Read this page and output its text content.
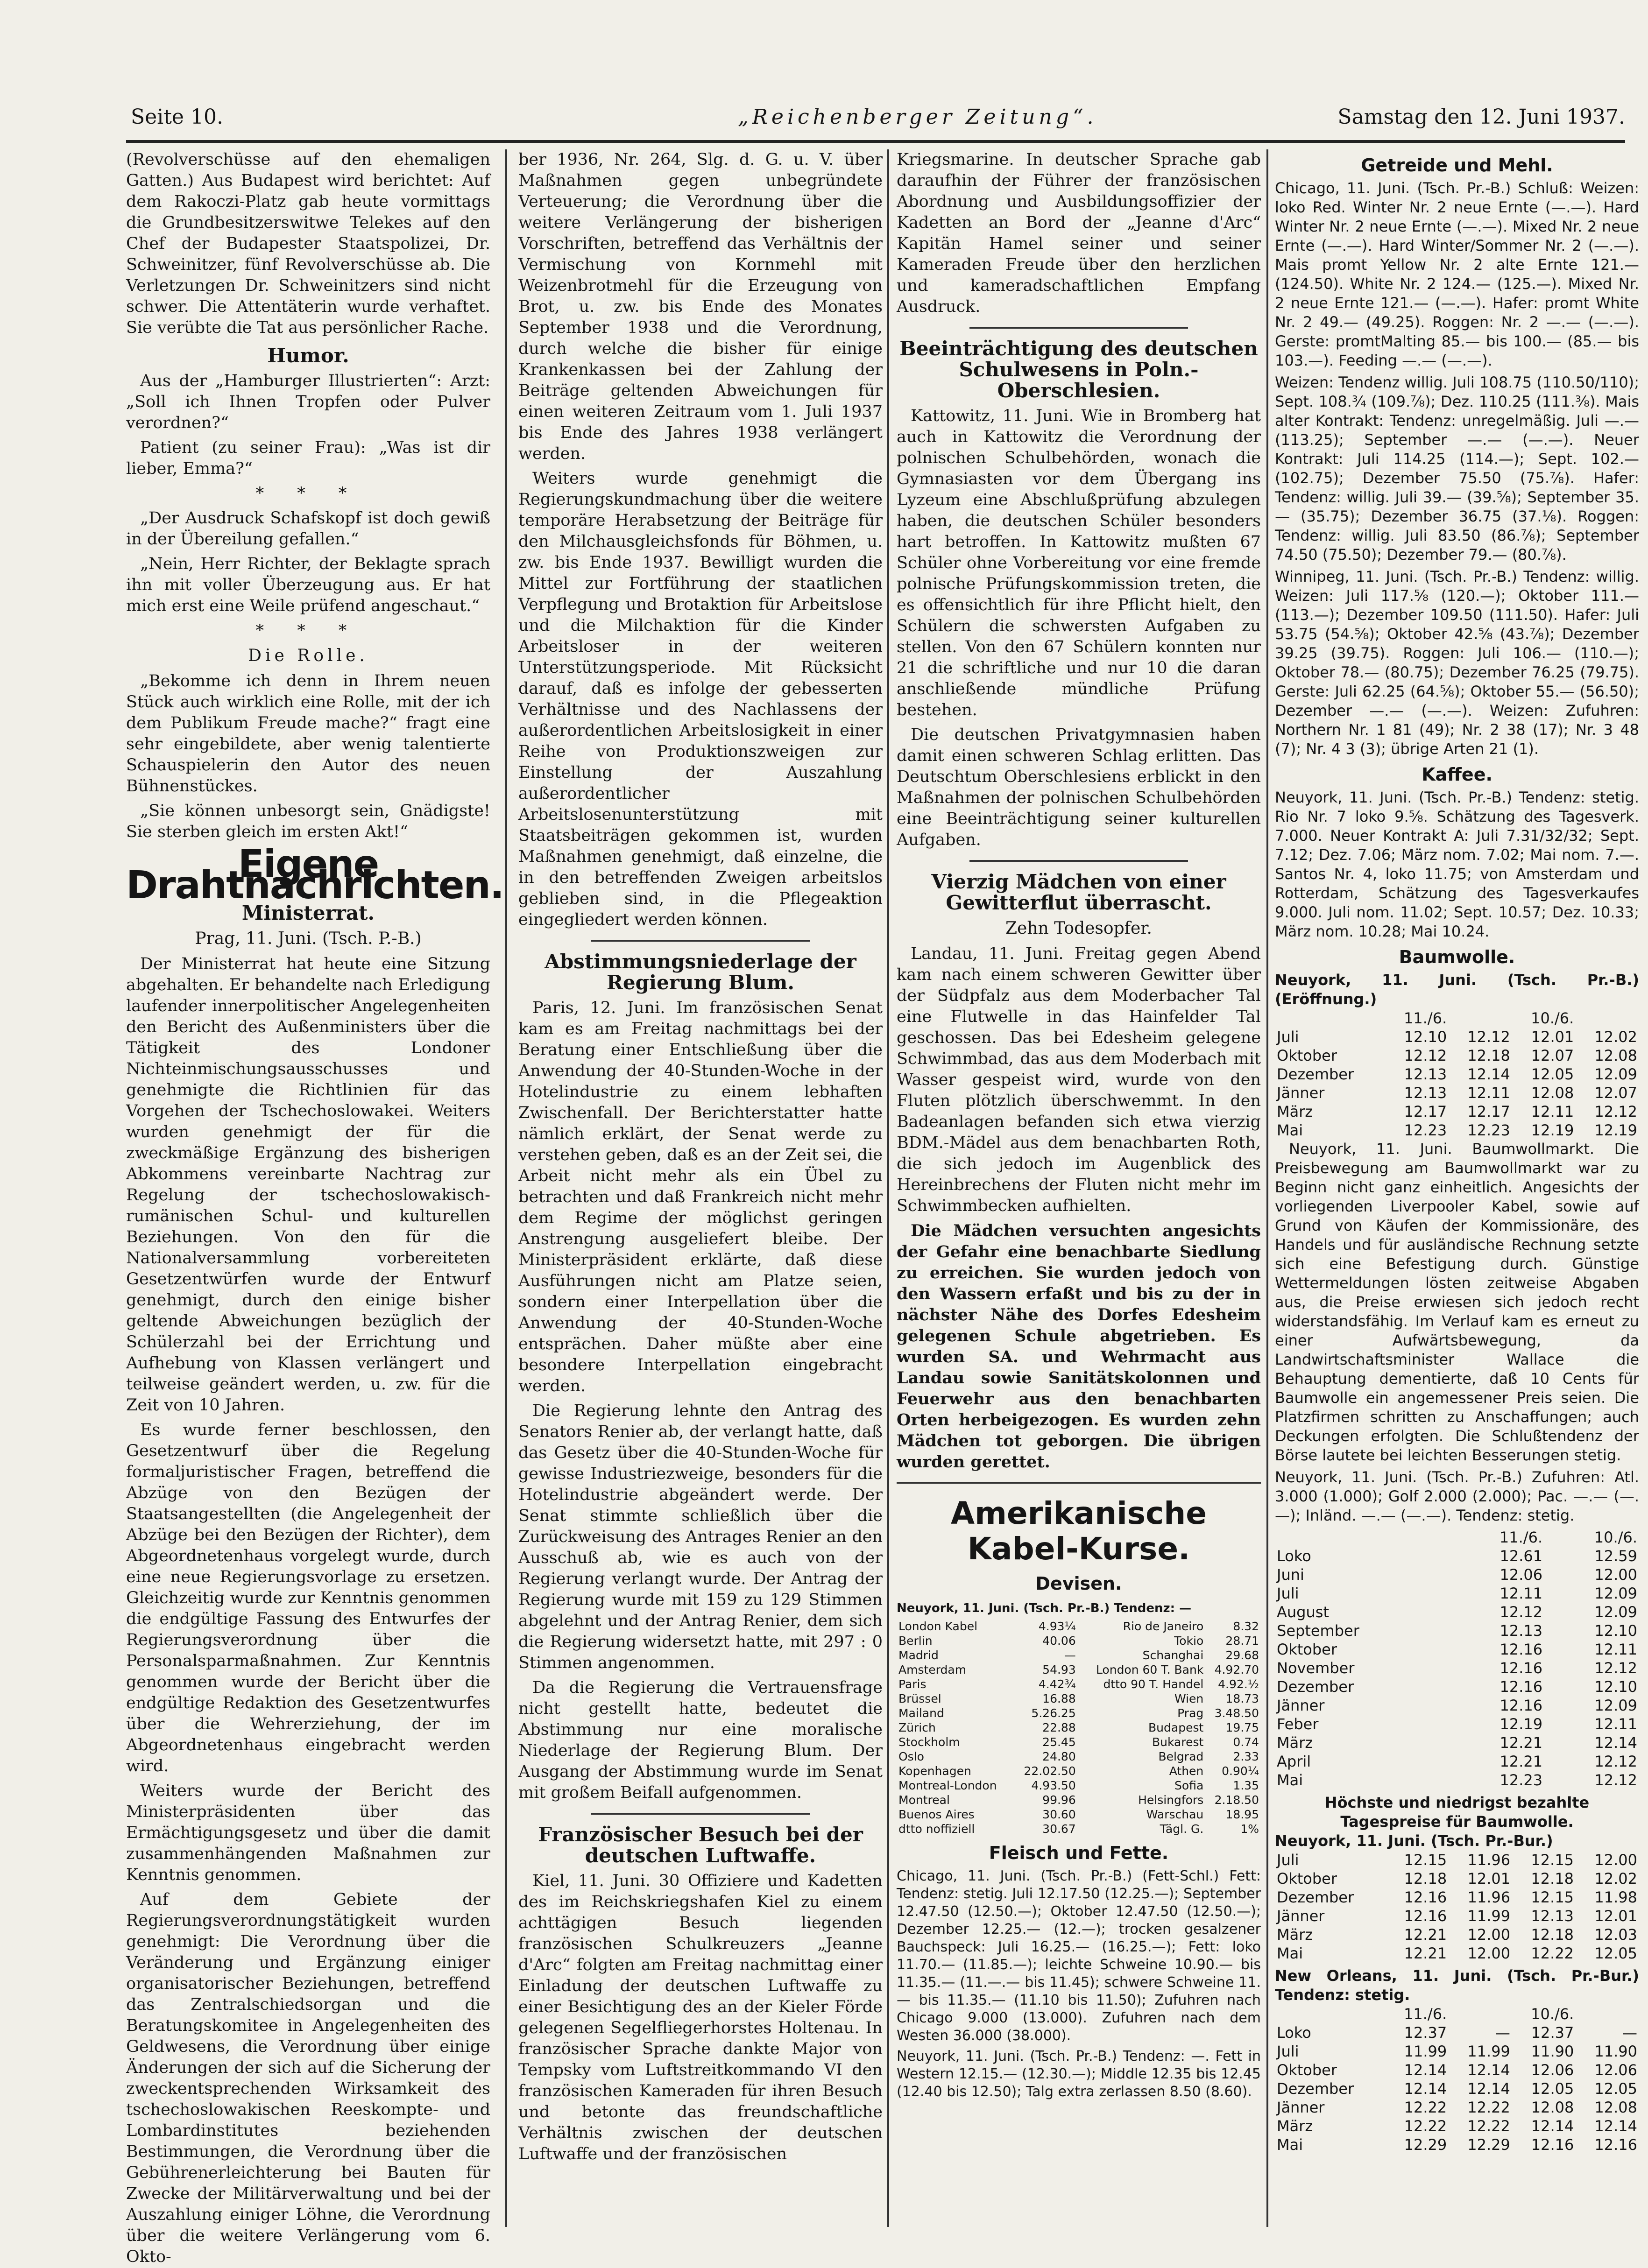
Seite 10.	„Reichenberger Zeitung“.	Samstag den 12. Juni 1937.

(Revolverschüsse auf den ehemaligen Gatten.) Aus Budapest wird berichtet: Auf dem Rakoczi-Platz gab heute vormittags die Grundbesitzerswitwe Telekes auf den Chef der Budapester Staatspolizei, Dr. Schweinitzer, fünf Revolverschüsse ab. Die Verletzungen Dr. Schweinitzers sind nicht schwer. Die Attentäterin wurde verhaftet. Sie verübte die Tat aus persönlicher Rache.

Humor.

Aus der „Hamburger Illustrierten“: Arzt: „Soll ich Ihnen Tropfen oder Pulver verordnen?“

Patient (zu seiner Frau): „Was ist dir lieber, Emma?“

* * *

„Der Ausdruck Schafskopf ist doch gewiß in der Übereilung gefallen.“

„Nein, Herr Richter, der Beklagte sprach ihn mit voller Überzeugung aus. Er hat mich erst eine Weile prüfend angeschaut.“

* * *
Die Rolle.

„Bekomme ich denn in Ihrem neuen Stück auch wirklich eine Rolle, mit der ich dem Publikum Freude mache?“ fragt eine sehr eingebildete, aber wenig talentierte Schauspielerin den Autor des neuen Bühnenstückes.

„Sie können unbesorgt sein, Gnädigste! Sie sterben gleich im ersten Akt!“

Eigene Drahtnachrichten.
Ministerrat.
Prag, 11. Juni. (Tsch. P.-B.)

Der Ministerrat hat heute eine Sitzung abgehalten. Er behandelte nach Erledigung laufender innerpolitischer Angelegenheiten den Bericht des Außenministers über die Tätigkeit des Londoner Nichteinmischungsausschusses und genehmigte die Richtlinien für das Vorgehen der Tschechoslowakei. Weiters wurden genehmigt der für die zweckmäßige Ergänzung des bisherigen Abkommens vereinbarte Nachtrag zur Regelung der tschechoslowakisch-rumänischen Schul- und kulturellen Beziehungen. Von den für die Nationalversammlung vorbereiteten Gesetzentwürfen wurde der Entwurf genehmigt, durch den einige bisher geltende Abweichungen bezüglich der Schülerzahl bei der Errichtung und Aufhebung von Klassen verlängert und teilweise geändert werden, u. zw. für die Zeit von 10 Jahren.

Es wurde ferner beschlossen, den Gesetzentwurf über die Regelung formaljuristischer Fragen, betreffend die Abzüge von den Bezügen der Staatsangestellten (die Angelegenheit der Abzüge bei den Bezügen der Richter), dem Abgeordnetenhaus vorgelegt wurde, durch eine neue Regierungsvorlage zu ersetzen. Gleichzeitig wurde zur Kenntnis genommen die endgültige Fassung des Entwurfes der Regierungsverordnung über die Personalsparmaßnahmen. Zur Kenntnis genommen wurde der Bericht über die endgültige Redaktion des Gesetzentwurfes über die Wehrerziehung, der im Abgeordnetenhaus eingebracht werden wird.

Weiters wurde der Bericht des Ministerpräsidenten über das Ermächtigungsgesetz und über die damit zusammenhängenden Maßnahmen zur Kenntnis genommen.

Auf dem Gebiete der Regierungsverordnungstätigkeit wurden genehmigt: Die Verordnung über die Veränderung und Ergänzung einiger organisatorischer Beziehungen, betreffend das Zentralschiedsorgan und die Beratungskomitee in Angelegenheiten des Geldwesens, die Verordnung über einige Änderungen der sich auf die Sicherung der zweckentsprechenden Wirksamkeit des tschechoslowakischen Reeskompte- und Lombardinstitutes beziehenden Bestimmungen, die Verordnung über die Gebührenerleichterung bei Bauten für Zwecke der Militärverwaltung und bei der Auszahlung einiger Löhne, die Verordnung über die weitere Verlängerung vom 6. Okto-

ber 1936, Nr. 264, Slg. d. G. u. V. über Maßnahmen gegen unbegründete Verteuerung; die Verordnung über die weitere Verlängerung der bisherigen Vorschriften, betreffend das Verhältnis der Vermischung von Kornmehl mit Weizenbrotmehl für die Erzeugung von Brot, u. zw. bis Ende des Monates September 1938 und die Verordnung, durch welche die bisher für einige Krankenkassen bei der Zahlung der Beiträge geltenden Abweichungen für einen weiteren Zeitraum vom 1. Juli 1937 bis Ende des Jahres 1938 verlängert werden.

Weiters wurde genehmigt die Regierungskundmachung über die weitere temporäre Herabsetzung der Beiträge für den Milchausgleichsfonds für Böhmen, u. zw. bis Ende 1937. Bewilligt wurden die Mittel zur Fortführung der staatlichen Verpflegung und Brotaktion für Arbeitslose und die Milchaktion für die Kinder Arbeitsloser in der weiteren Unterstützungsperiode. Mit Rücksicht darauf, daß es infolge der gebesserten Verhältnisse und des Nachlassens der außerordentlichen Arbeitslosigkeit in einer Reihe von Produktionszweigen zur Einstellung der Auszahlung außerordentlicher Arbeitslosenunterstützung mit Staatsbeiträgen gekommen ist, wurden Maßnahmen genehmigt, daß einzelne, die in den betreffenden Zweigen arbeitslos geblieben sind, in die Pflegeaktion eingegliedert werden können.

Abstimmungsniederlage der Regierung Blum.

Paris, 12. Juni. Im französischen Senat kam es am Freitag nachmittags bei der Beratung einer Entschließung über die Anwendung der 40-Stunden-Woche in der Hotelindustrie zu einem lebhaften Zwischenfall. Der Berichterstatter hatte nämlich erklärt, der Senat werde zu verstehen geben, daß es an der Zeit sei, die Arbeit nicht mehr als ein Übel zu betrachten und daß Frankreich nicht mehr dem Regime der möglichst geringen Anstrengung ausgeliefert bleibe. Der Ministerpräsident erklärte, daß diese Ausführungen nicht am Platze seien, sondern einer Interpellation über die Anwendung der 40-Stunden-Woche entsprächen. Daher müßte aber eine besondere Interpellation eingebracht werden.

Die Regierung lehnte den Antrag des Senators Renier ab, der verlangt hatte, daß das Gesetz über die 40-Stunden-Woche für gewisse Industriezweige, besonders für die Hotelindustrie abgeändert werde. Der Senat stimmte schließlich über die Zurückweisung des Antrages Renier an den Ausschuß ab, wie es auch von der Regierung verlangt wurde. Der Antrag der Regierung wurde mit 159 zu 129 Stimmen abgelehnt und der Antrag Renier, dem sich die Regierung widersetzt hatte, mit 297 : 0 Stimmen angenommen.

Da die Regierung die Vertrauensfrage nicht gestellt hatte, bedeutet die Abstimmung nur eine moralische Niederlage der Regierung Blum. Der Ausgang der Abstimmung wurde im Senat mit großem Beifall aufgenommen.

Französischer Besuch bei der deutschen Luftwaffe.

Kiel, 11. Juni. 30 Offiziere und Kadetten des im Reichskriegshafen Kiel zu einem achttägigen Besuch liegenden französischen Schulkreuzers „Jeanne d'Arc“ folgten am Freitag nachmittag einer Einladung der deutschen Luftwaffe zu einer Besichtigung des an der Kieler Förde gelegenen Segelfliegerhorstes Holtenau. In französischer Sprache dankte Major von Tempsky vom Luftstreitkommando VI den französischen Kameraden für ihren Besuch und betonte das freundschaftliche Verhältnis zwischen der deutschen Luftwaffe und der französischen

Kriegsmarine. In deutscher Sprache gab daraufhin der Führer der französischen Abordnung und Ausbildungsoffizier der Kadetten an Bord der „Jeanne d'Arc“ Kapitän Hamel seiner und seiner Kameraden Freude über den herzlichen und kameradschaftlichen Empfang Ausdruck.

Beeinträchtigung des deutschen Schulwesens in Poln.-Oberschlesien.

Kattowitz, 11. Juni. Wie in Bromberg hat auch in Kattowitz die Verordnung der polnischen Schulbehörden, wonach die Gymnasiasten vor dem Übergang ins Lyzeum eine Abschlußprüfung abzulegen haben, die deutschen Schüler besonders hart betroffen. In Kattowitz mußten 67 Schüler ohne Vorbereitung vor eine fremde polnische Prüfungskommission treten, die es offensichtlich für ihre Pflicht hielt, den Schülern die schwersten Aufgaben zu stellen. Von den 67 Schülern konnten nur 21 die schriftliche und nur 10 die daran anschließende mündliche Prüfung bestehen.

Die deutschen Privatgymnasien haben damit einen schweren Schlag erlitten. Das Deutschtum Oberschlesiens erblickt in den Maßnahmen der polnischen Schulbehörden eine Beeinträchtigung seiner kulturellen Aufgaben.

Vierzig Mädchen von einer Gewitterflut überrascht.
Zehn Todesopfer.

Landau, 11. Juni. Freitag gegen Abend kam nach einem schweren Gewitter über der Südpfalz aus dem Moderbacher Tal eine Flutwelle in das Hainfelder Tal geschossen. Das bei Edesheim gelegene Schwimmbad, das aus dem Moderbach mit Wasser gespeist wird, wurde von den Fluten plötzlich überschwemmt. In den Badeanlagen befanden sich etwa vierzig BDM.-Mädel aus dem benachbarten Roth, die sich jedoch im Augenblick des Hereinbrechens der Fluten nicht mehr im Schwimmbecken aufhielten.

Die Mädchen versuchten angesichts der Gefahr eine benachbarte Siedlung zu erreichen. Sie wurden jedoch von den Wassern erfaßt und bis zu der in nächster Nähe des Dorfes Edesheim gelegenen Schule abgetrieben. Es wurden SA. und Wehrmacht aus Landau sowie Sanitätskolonnen und Feuerwehr aus den benachbarten Orten herbeigezogen. Es wurden zehn Mädchen tot geborgen. Die übrigen wurden gerettet.

Amerikanische Kabel-Kurse.
Devisen.
Neuyork, 11. Juni. (Tsch. Pr.-B.) Tendenz: —
London Kabel	4.93¼	Rio de Janeiro	8.32
Berlin	40.06	Tokio	28.71
Madrid	—	Schanghai	29.68
Amsterdam	54.93	London 60 T. Bank	4.92.70
Paris	4.42¾	dtto 90 T. Handel	4.92.½
Brüssel	16.88	Wien	18.73
Mailand	5.26.25	Prag	3.48.50
Zürich	22.88	Budapest	19.75
Stockholm	25.45	Bukarest	0.74
Oslo	24.80	Belgrad	2.33
Kopenhagen	22.02.50	Athen	0.90¼
Montreal-London	4.93.50	Sofia	1.35
Montreal	99.96	Helsingfors	2.18.50
Buenos Aires	30.60	Warschau	18.95
dtto noffiziell	30.67	Tägl. G.	1%
Fleisch und Fette.

Chicago, 11. Juni. (Tsch. Pr.-B.) (Fett-Schl.) Fett: Tendenz: stetig. Juli 12.17.50 (12.25.—); September 12.47.50 (12.50.—); Oktober 12.47.50 (12.50.—); Dezember 12.25.— (12.—); trocken gesalzener Bauchspeck: Juli 16.25.— (16.25.—); Fett: loko 11.70.— (11.85.—); leichte Schweine 10.90.— bis 11.35.— (11.—.— bis 11.45); schwere Schweine 11.— bis 11.35.— (11.10 bis 11.50); Zufuhren nach Chicago 9.000 (13.000). Zufuhren nach dem Westen 36.000 (38.000).

Neuyork, 11. Juni. (Tsch. Pr.-B.) Tendenz: —. Fett in Western 12.15.— (12.30.—); Middle 12.35 bis 12.45 (12.40 bis 12.50); Talg extra zerlassen 8.50 (8.60).

Getreide und Mehl.

Chicago, 11. Juni. (Tsch. Pr.-B.) Schluß: Weizen: loko Red. Winter Nr. 2 neue Ernte (—.—). Hard Winter Nr. 2 neue Ernte (—.—). Mixed Nr. 2 neue Ernte (—.—). Hard Winter/Sommer Nr. 2 (—.—). Mais promt Yellow Nr. 2 alte Ernte 121.— (124.50). White Nr. 2 124.— (125.—). Mixed Nr. 2 neue Ernte 121.— (—.—). Hafer: promt White Nr. 2 49.— (49.25). Roggen: Nr. 2 —.— (—.—). Gerste: promtMalting 85.— bis 100.— (85.— bis 103.—). Feeding —.— (—.—).

Weizen: Tendenz willig. Juli 108.75 (110.50/110); Sept. 108.¾ (109.⅞); Dez. 110.25 (111.⅜). Mais alter Kontrakt: Tendenz: unregelmäßig. Juli —.— (113.25); September —.— (—.—). Neuer Kontrakt: Juli 114.25 (114.—); Sept. 102.— (102.75); Dezember 75.50 (75.⅞). Hafer: Tendenz: willig. Juli 39.— (39.⅝); September 35.— (35.75); Dezember 36.75 (37.⅛). Roggen: Tendenz: willig. Juli 83.50 (86.⅞); September 74.50 (75.50); Dezember 79.— (80.⅞).

Winnipeg, 11. Juni. (Tsch. Pr.-B.) Tendenz: willig. Weizen: Juli 117.⅝ (120.—); Oktober 111.— (113.—); Dezember 109.50 (111.50). Hafer: Juli 53.75 (54.⅝); Oktober 42.⅝ (43.⅞); Dezember 39.25 (39.75). Roggen: Juli 106.— (110.—); Oktober 78.— (80.75); Dezember 76.25 (79.75). Gerste: Juli 62.25 (64.⅝); Oktober 55.— (56.50); Dezember —.— (—.—). Weizen: Zufuhren: Northern Nr. 1 81 (49); Nr. 2 38 (17); Nr. 3 48 (7); Nr. 4 3 (3); übrige Arten 21 (1).

Kaffee.

Neuyork, 11. Juni. (Tsch. Pr.-B.) Tendenz: stetig. Rio Nr. 7 loko 9.⅝. Schätzung des Tagesverk. 7.000. Neuer Kontrakt A: Juli 7.31/32/32; Sept. 7.12; Dez. 7.06; März nom. 7.02; Mai nom. 7.—. Santos Nr. 4, loko 11.75; von Amsterdam und Rotterdam, Schätzung des Tagesverkaufes 9.000. Juli nom. 11.02; Sept. 10.57; Dez. 10.33; März nom. 10.28; Mai 10.24.

Baumwolle.
Neuyork, 11. Juni. (Tsch. Pr.-B.) (Eröffnung.)
	11./6.		10./6.	
Juli	12.10	12.12	12.01	12.02
Oktober	12.12	12.18	12.07	12.08
Dezember	12.13	12.14	12.05	12.09
Jänner	12.13	12.11	12.08	12.07
März	12.17	12.17	12.11	12.12
Mai	12.23	12.23	12.19	12.19

Neuyork, 11. Juni. Baumwollmarkt. Die Preisbewegung am Baumwollmarkt war zu Beginn nicht ganz einheitlich. Angesichts der vorliegenden Liverpooler Kabel, sowie auf Grund von Käufen der Kommissionäre, des Handels und für ausländische Rechnung setzte sich eine Befestigung durch. Günstige Wettermeldungen lösten zeitweise Abgaben aus, die Preise erwiesen sich jedoch recht widerstandsfähig. Im Verlauf kam es erneut zu einer Aufwärtsbewegung, da Landwirtschaftsminister Wallace die Behauptung dementierte, daß 10 Cents für Baumwolle ein angemessener Preis seien. Die Platzfirmen schritten zu Anschaffungen; auch Deckungen erfolgten. Die Schlußtendenz der Börse lautete bei leichten Besserungen stetig.

Neuyork, 11. Juni. (Tsch. Pr.-B.) Zufuhren: Atl. 3.000 (1.000); Golf 2.000 (2.000); Pac. —.— (—.—); Inländ. —.— (—.—). Tendenz: stetig.

	11./6.	10./6.
Loko	12.61	12.59
Juni	12.06	12.00
Juli	12.11	12.09
August	12.12	12.09
September	12.13	12.10
Oktober	12.16	12.11
November	12.16	12.12
Dezember	12.16	12.10
Jänner	12.16	12.09
Feber	12.19	12.11
März	12.21	12.14
April	12.21	12.12
Mai	12.23	12.12
Höchste und niedrigst bezahlte Tagespreise für Baumwolle.
Neuyork, 11. Juni. (Tsch. Pr.-Bur.)
Juli	12.15	11.96	12.15	12.00
Oktober	12.18	12.01	12.18	12.02
Dezember	12.16	11.96	12.15	11.98
Jänner	12.16	11.99	12.13	12.01
März	12.21	12.00	12.18	12.03
Mai	12.21	12.00	12.22	12.05
New Orleans, 11. Juni. (Tsch. Pr.-Bur.) Tendenz: stetig.
	11./6.		10./6.	
Loko	12.37	—	12.37	—
Juli	11.99	11.99	11.90	11.90
Oktober	12.14	12.14	12.06	12.06
Dezember	12.14	12.14	12.05	12.05
Jänner	12.22	12.22	12.08	12.08
März	12.22	12.22	12.14	12.14
Mai	12.29	12.29	12.16	12.16
